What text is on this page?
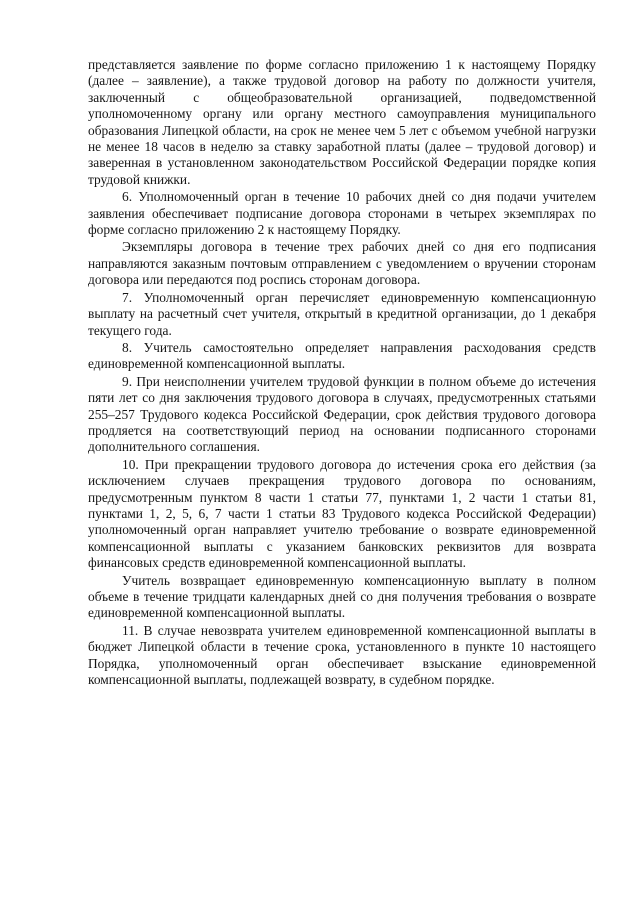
представляется заявление по форме согласно приложению 1 к настоящему Порядку (далее – заявление), а также трудовой договор на работу по должности учителя, заключенный с общеобразовательной организацией, подведомственной уполномоченному органу или органу местного самоуправления муниципального образования Липецкой области, на срок не менее чем 5 лет с объемом учебной нагрузки не менее 18 часов в неделю за ставку заработной платы (далее – трудовой договор) и заверенная в установленном законодательством Российской Федерации порядке копия трудовой книжки.

6. Уполномоченный орган в течение 10 рабочих дней со дня подачи учителем заявления обеспечивает подписание договора сторонами в четырех экземплярах по форме согласно приложению 2 к настоящему Порядку.

Экземпляры договора в течение трех рабочих дней со дня его подписания направляются заказным почтовым отправлением с уведомлением о вручении сторонам договора или передаются под роспись сторонам договора.

7. Уполномоченный орган перечисляет единовременную компенсационную выплату на расчетный счет учителя, открытый в кредитной организации, до 1 декабря текущего года.

8. Учитель самостоятельно определяет направления расходования средств единовременной компенсационной выплаты.

9. При неисполнении учителем трудовой функции в полном объеме до истечения пяти лет со дня заключения трудового договора в случаях, предусмотренных статьями 255–257 Трудового кодекса Российской Федерации, срок действия трудового договора продляется на соответствующий период на основании подписанного сторонами дополнительного соглашения.

10. При прекращении трудового договора до истечения срока его действия (за исключением случаев прекращения трудового договора по основаниям, предусмотренным пунктом 8 части 1 статьи 77, пунктами 1, 2 части 1 статьи 81, пунктами 1, 2, 5, 6, 7 части 1 статьи 83 Трудового кодекса Российской Федерации) уполномоченный орган направляет учителю требование о возврате единовременной компенсационной выплаты с указанием банковских реквизитов для возврата финансовых средств единовременной компенсационной выплаты.

Учитель возвращает единовременную компенсационную выплату в полном объеме в течение тридцати календарных дней со дня получения требования о возврате единовременной компенсационной выплаты.

11. В случае невозврата учителем единовременной компенсационной выплаты в бюджет Липецкой области в течение срока, установленного в пункте 10 настоящего Порядка, уполномоченный орган обеспечивает взыскание единовременной компенсационной выплаты, подлежащей возврату, в судебном порядке.
